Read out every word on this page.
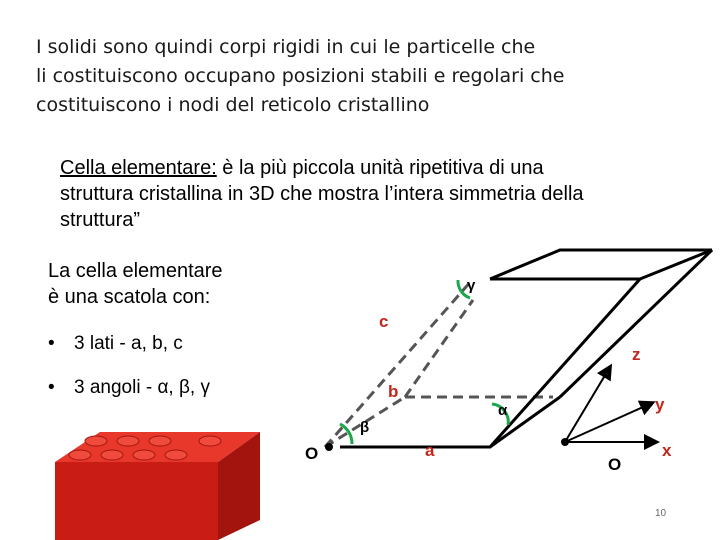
I solidi sono quindi corpi rigidi in cui le particelle che
li costituiscono occupano posizioni stabili e regolari che
costituiscono i nodi del reticolo cristallino
Cella elementare: è la più piccola unità ripetitiva di una
struttura cristallina in 3D che mostra l’intera simmetria della
struttura”
La cella elementare
è una scatola con:
• 3 lati - a, b, c
• 3 angoli - α, β, γ
γ
c
b
β
α
a
O
z
y
x
O
10
